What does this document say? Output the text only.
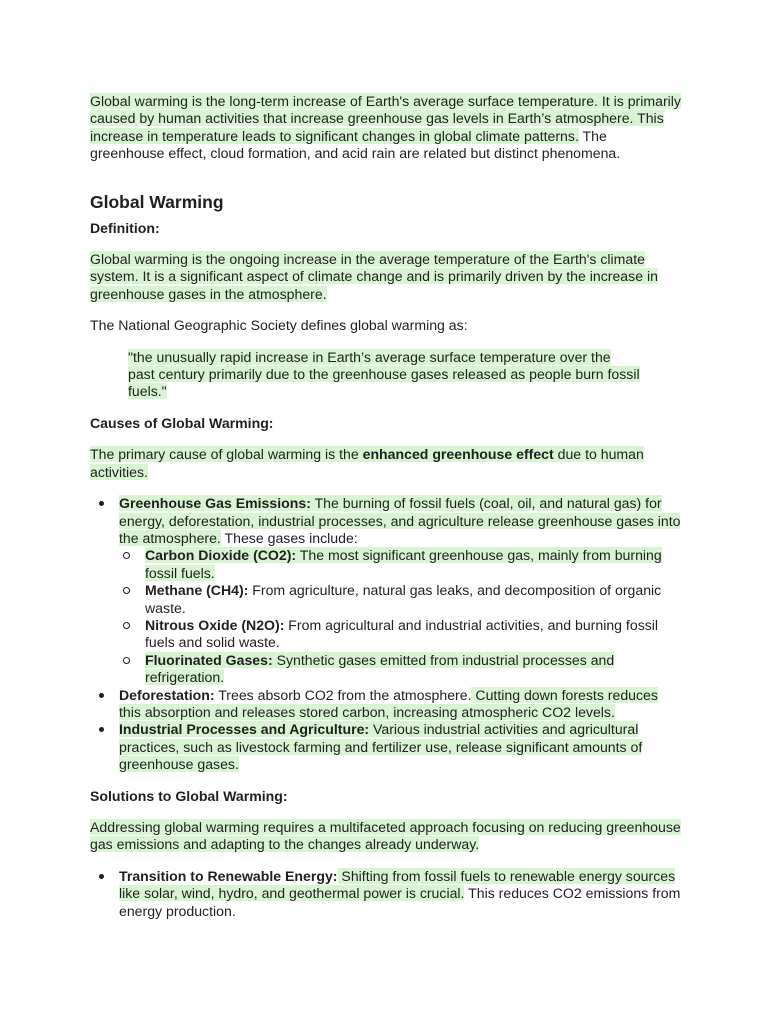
Global warming is the long-term increase of Earth's average surface temperature. It is primarily caused by human activities that increase greenhouse gas levels in Earth’s atmosphere. This increase in temperature leads to significant changes in global climate patterns. The greenhouse effect, cloud formation, and acid rain are related but distinct phenomena.

Global Warming

Definition:

Global warming is the ongoing increase in the average temperature of the Earth's climate system. It is a significant aspect of climate change and is primarily driven by the increase in greenhouse gases in the atmosphere.

The National Geographic Society defines global warming as:

"the unusually rapid increase in Earth’s average surface temperature over the past century primarily due to the greenhouse gases released as people burn fossil fuels."

Causes of Global Warming:

The primary cause of global warming is the enhanced greenhouse effect due to human activities.

Greenhouse Gas Emissions: The burning of fossil fuels (coal, oil, and natural gas) for energy, deforestation, industrial processes, and agriculture release greenhouse gases into the atmosphere. These gases include:
Carbon Dioxide (CO2): The most significant greenhouse gas, mainly from burning fossil fuels.
Methane (CH4): From agriculture, natural gas leaks, and decomposition of organic waste.
Nitrous Oxide (N2O): From agricultural and industrial activities, and burning fossil fuels and solid waste.
Fluorinated Gases: Synthetic gases emitted from industrial processes and refrigeration.
Deforestation: Trees absorb CO2 from the atmosphere. Cutting down forests reduces this absorption and releases stored carbon, increasing atmospheric CO2 levels.
Industrial Processes and Agriculture: Various industrial activities and agricultural practices, such as livestock farming and fertilizer use, release significant amounts of greenhouse gases.

Solutions to Global Warming:

Addressing global warming requires a multifaceted approach focusing on reducing greenhouse gas emissions and adapting to the changes already underway.

Transition to Renewable Energy: Shifting from fossil fuels to renewable energy sources like solar, wind, hydro, and geothermal power is crucial. This reduces CO2 emissions from energy production.
